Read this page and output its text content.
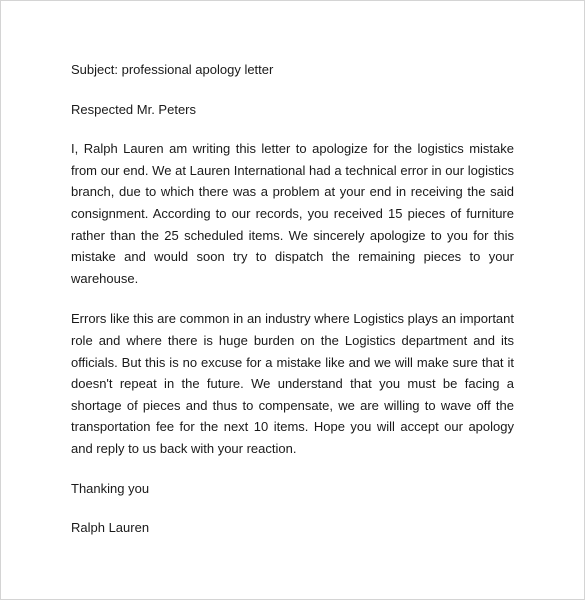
Subject: professional apology letter

Respected Mr. Peters

I, Ralph Lauren am writing this letter to apologize for the logistics mistake from our end. We at Lauren International had a technical error in our logistics branch, due to which there was a problem at your end in receiving the said consignment. According to our records, you received 15 pieces of furniture rather than the 25 scheduled items. We sincerely apologize to you for this mistake and would soon try to dispatch the remaining pieces to your warehouse.

Errors like this are common in an industry where Logistics plays an important role and where there is huge burden on the Logistics department and its officials. But this is no excuse for a mistake like and we will make sure that it doesn't repeat in the future. We understand that you must be facing a shortage of pieces and thus to compensate, we are willing to wave off the transportation fee for the next 10 items. Hope you will accept our apology and reply to us back with your reaction.

Thanking you

Ralph Lauren
